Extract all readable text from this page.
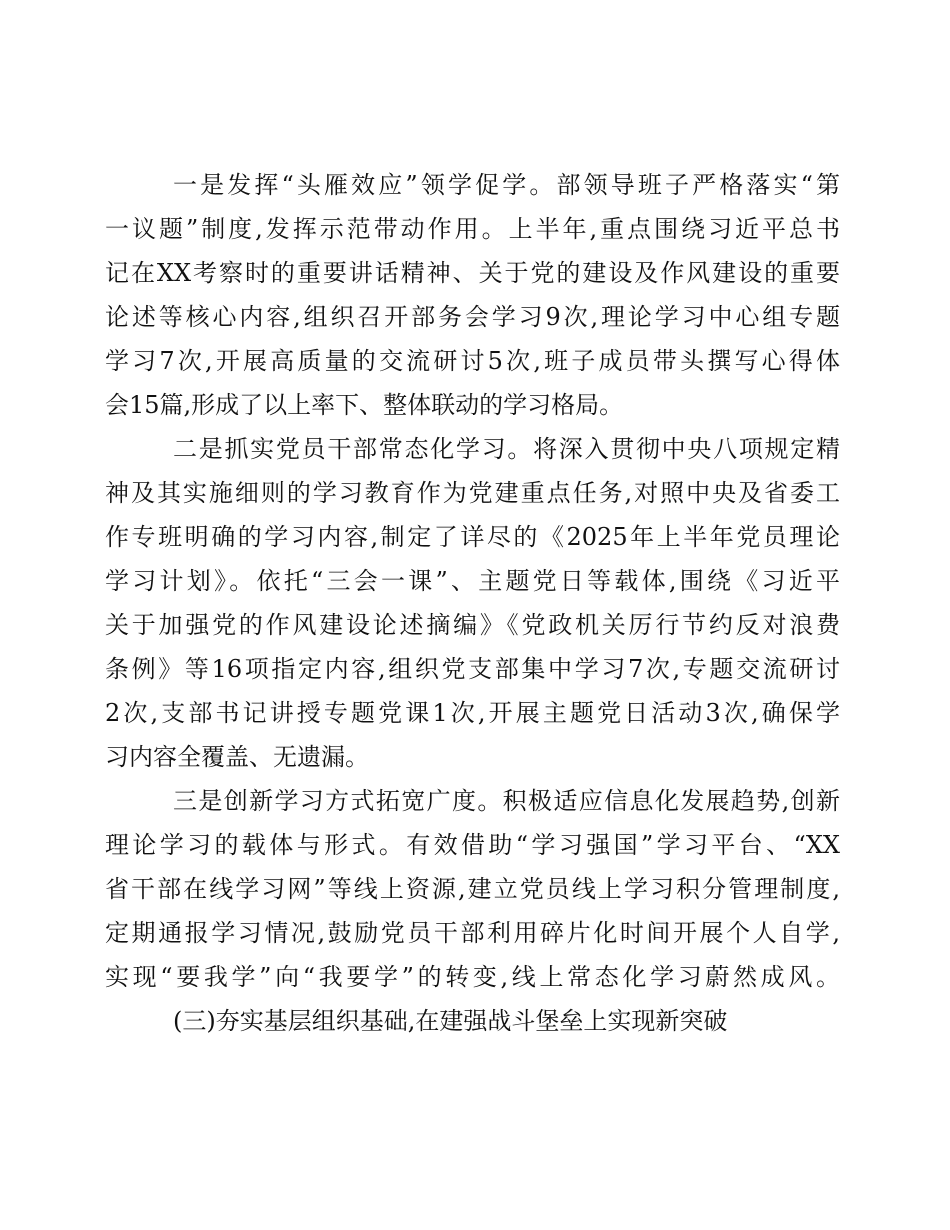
一是发挥“头雁效应”领学促学。部领导班子严格落实“第
一议题”制度,发挥示范带动作用。上半年,重点围绕习近平总书
记在XX考察时的重要讲话精神、关于党的建设及作风建设的重要
论述等核心内容,组织召开部务会学习9次,理论学习中心组专题
学习7次,开展高质量的交流研讨5次,班子成员带头撰写心得体
会15篇,形成了以上率下、整体联动的学习格局。
二是抓实党员干部常态化学习。将深入贯彻中央八项规定精
神及其实施细则的学习教育作为党建重点任务,对照中央及省委工
作专班明确的学习内容,制定了详尽的《2025年上半年党员理论
学习计划》。依托“三会一课”、主题党日等载体,围绕《习近平
关于加强党的作风建设论述摘编》《党政机关厉行节约反对浪费
条例》等16项指定内容,组织党支部集中学习7次,专题交流研讨
2次,支部书记讲授专题党课1次,开展主题党日活动3次,确保学
习内容全覆盖、无遗漏。
三是创新学习方式拓宽广度。积极适应信息化发展趋势,创新
理论学习的载体与形式。有效借助“学习强国”学习平台、“XX
省干部在线学习网”等线上资源,建立党员线上学习积分管理制度,
定期通报学习情况,鼓励党员干部利用碎片化时间开展个人自学,
实现“要我学”向“我要学”的转变,线上常态化学习蔚然成风。
(三)夯实基层组织基础,在建强战斗堡垒上实现新突破
